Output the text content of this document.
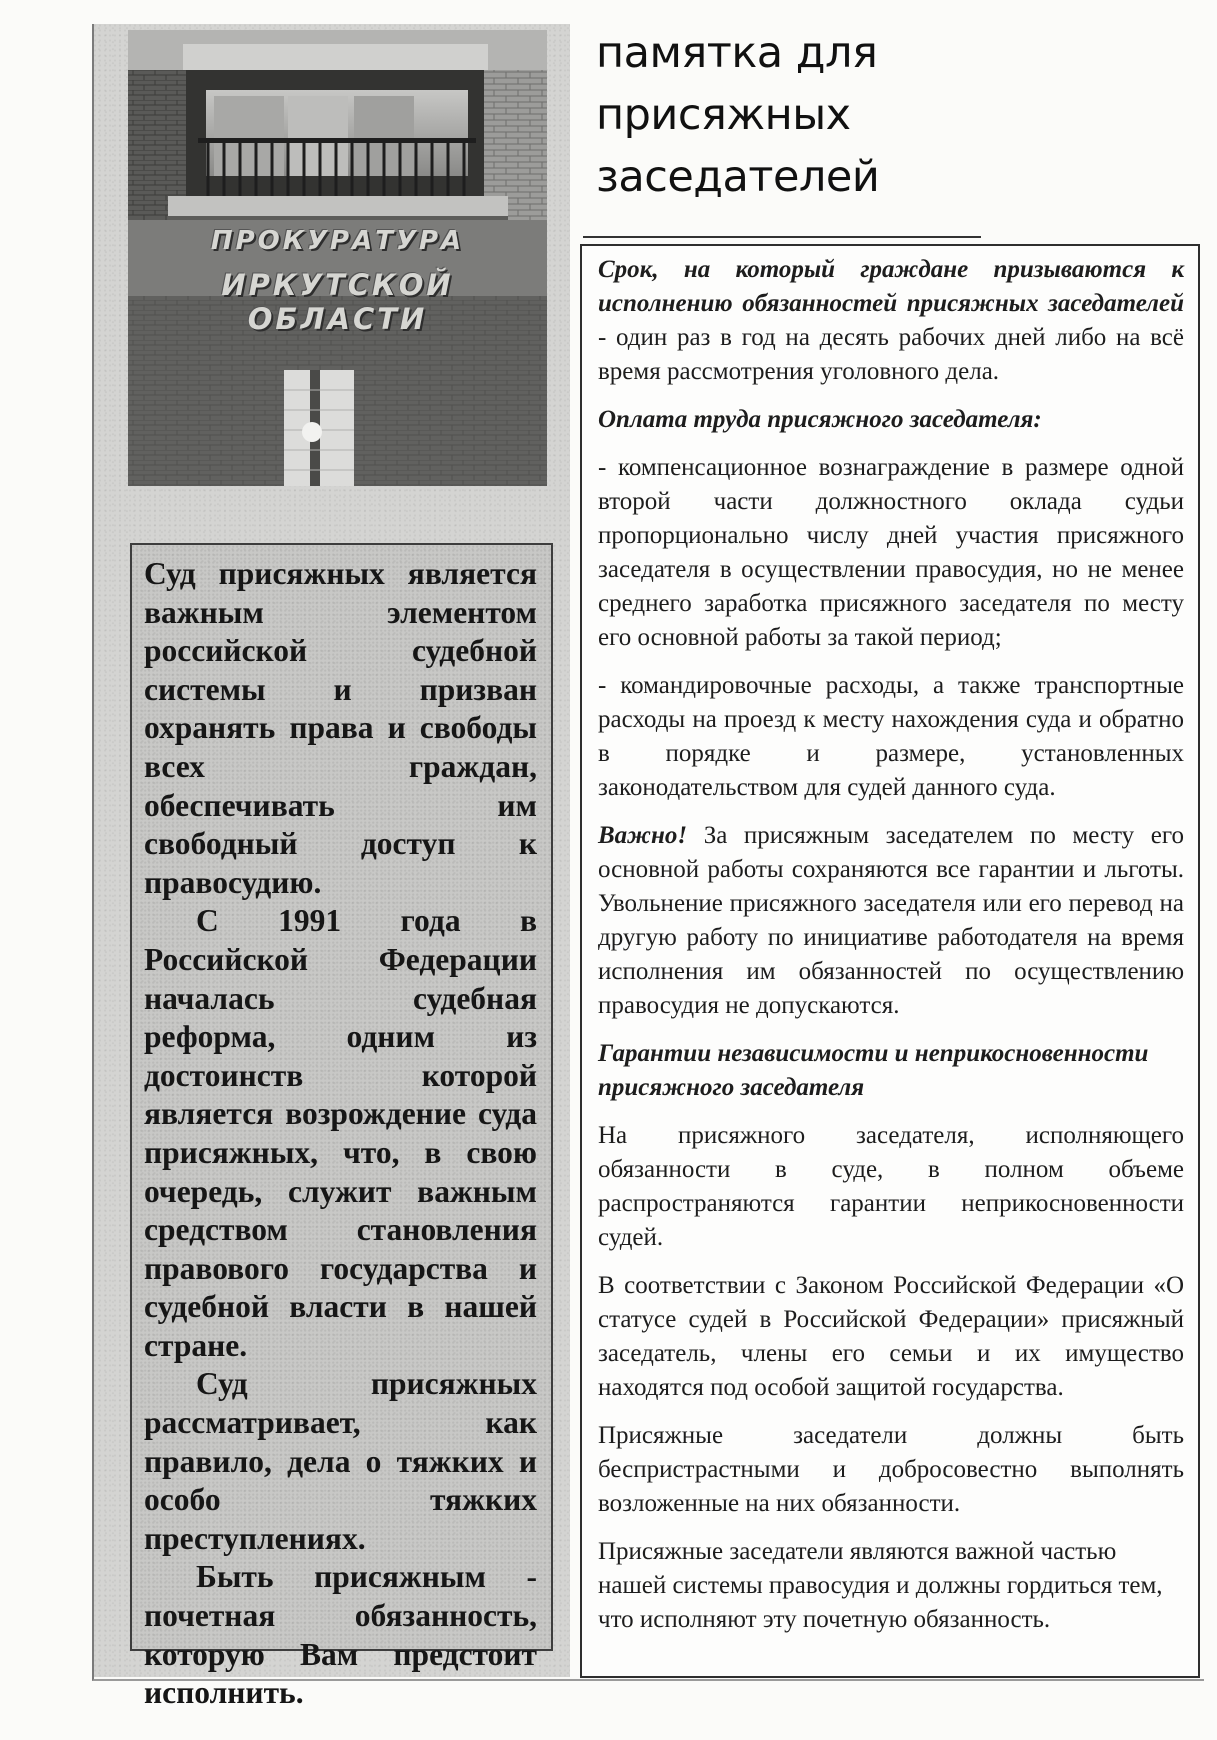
ПРОКУРАТУРА
ИРКУТСКОЙ ОБЛАСТИ

Суд присяжных является важным элементом российской судебной системы и призван охранять права и свободы всех граждан, обеспечивать им свободный доступ к правосудию.

С 1991 года в Российской Федерации началась судебная реформа, одним из достоинств которой является возрождение суда присяжных, что, в свою очередь, служит важным средством становления правового государства и судебной власти в нашей стране.

Суд присяжных рассматривает, как правило, дела о тяжких и особо тяжких преступлениях.

Быть присяжным - почетная обязанность, которую Вам предстоит исполнить.

памятка для
присяжных
заседателей

Срок, на который граждане призываются к исполнению обязанностей присяжных заседателей - один раз в год на десять рабочих дней либо на всё время рассмотрения уголовного дела.

Оплата труда присяжного заседателя:

- компенсационное вознаграждение в размере одной второй части должностного оклада судьи пропорционально числу дней участия присяжного заседателя в осуществлении правосудия, но не менее среднего заработка присяжного заседателя по месту его основной работы за такой период;

- командировочные расходы, а также транспортные расходы на проезд к месту нахождения суда и обратно в порядке и размере, установленных законодательством для судей данного суда.

Важно! За присяжным заседателем по месту его основной работы сохраняются все гарантии и льготы. Увольнение присяжного заседателя или его перевод на другую работу по инициативе работодателя на время исполнения им обязанностей по осуществлению правосудия не допускаются.

Гарантии независимости и неприкосновенности присяжного заседателя

На присяжного заседателя, исполняющего обязанности в суде, в полном объеме распространяются гарантии неприкосновенности судей.

В соответствии с Законом Российской Федерации «О статусе судей в Российской Федерации» присяжный заседатель, члены его семьи и их имущество находятся под особой защитой государства.

Присяжные заседатели должны быть беспристрастными и добросовестно выполнять возложенные на них обязанности.

Присяжные заседатели являются важной частью нашей системы правосудия и должны гордиться тем, что исполняют эту почетную обязанность.
